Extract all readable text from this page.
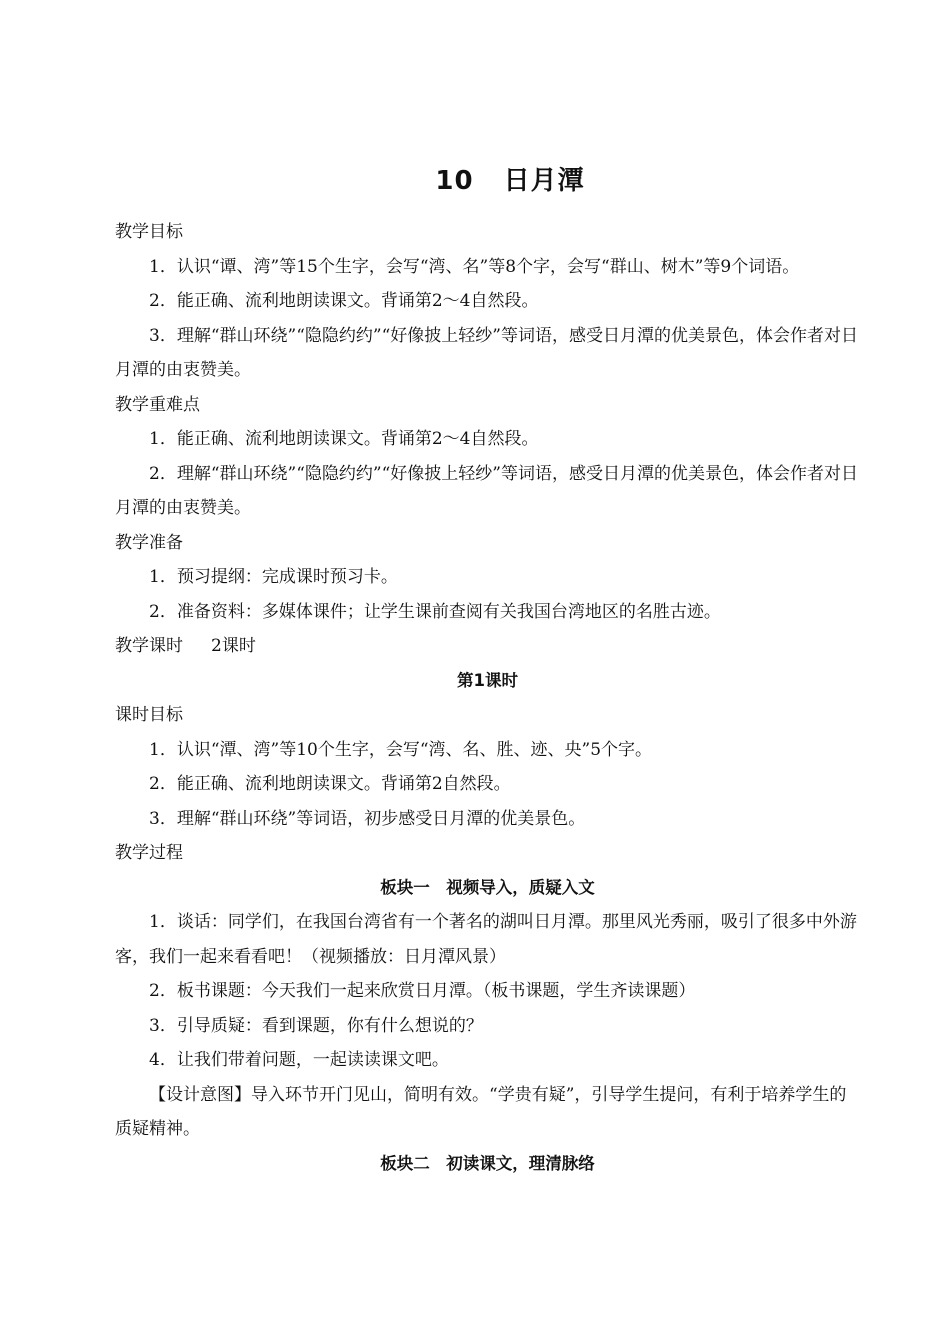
10 日月潭

教学目标

1．认识“谭、湾”等15个生字，会写“湾、名”等8个字，会写“群山、树木”等9个词语。

2．能正确、流利地朗读课文。背诵第2～4自然段。

3．理解“群山环绕”“隐隐约约”“好像披上轻纱”等词语，感受日月潭的优美景色，体会作者对日月潭的由衷赞美。

教学重难点

1．能正确、流利地朗读课文。背诵第2～4自然段。

2．理解“群山环绕”“隐隐约约”“好像披上轻纱”等词语，感受日月潭的优美景色，体会作者对日月潭的由衷赞美。

教学准备

1．预习提纲：完成课时预习卡。

2．准备资料：多媒体课件；让学生课前查阅有关我国台湾地区的名胜古迹。

教学课时 2课时

第1课时

课时目标

1．认识“潭、湾”等10个生字，会写“湾、名、胜、迹、央”5个字。

2．能正确、流利地朗读课文。背诵第2自然段。

3．理解“群山环绕”等词语，初步感受日月潭的优美景色。

教学过程

板块一　视频导入，质疑入文

1．谈话：同学们，在我国台湾省有一个著名的湖叫日月潭。那里风光秀丽，吸引了很多中外游客，我们一起来看看吧！（视频播放：日月潭风景）

2．板书课题：今天我们一起来欣赏日月潭。（板书课题，学生齐读课题）

3．引导质疑：看到课题，你有什么想说的？

4．让我们带着问题，一起读读课文吧。

【设计意图】导入环节开门见山，简明有效。“学贵有疑”，引导学生提问，有利于培养学生的质疑精神。

板块二　初读课文，理清脉络
